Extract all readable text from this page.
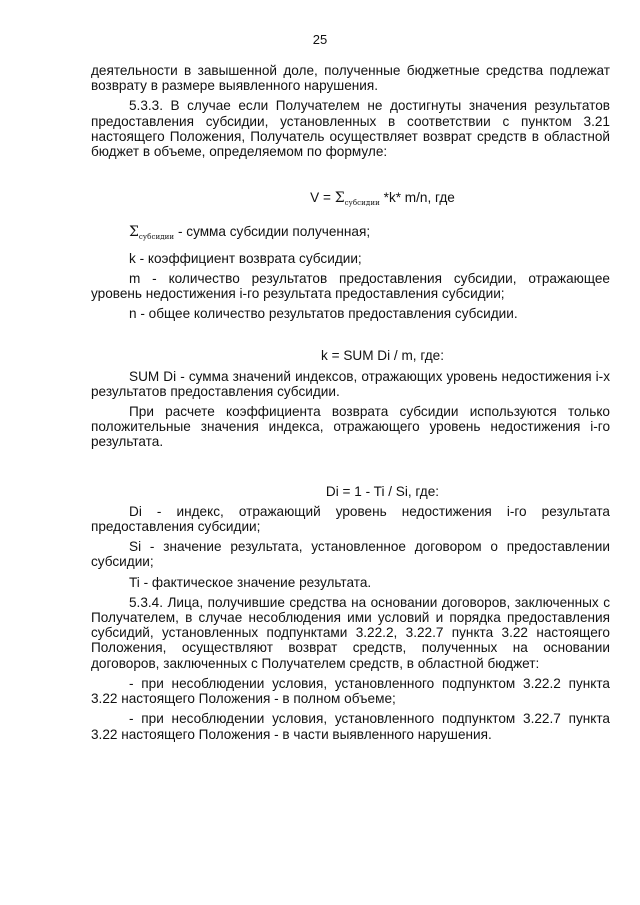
25

деятельности в завышенной доле, полученные бюджетные средства подлежат возврату в размере выявленного нарушения.

5.3.3. В случае если Получателем не достигнуты значения результатов предоставления субсидии, установленных в соответствии с пунктом 3.21 настоящего Положения, Получатель осуществляет возврат средств в областной бюджет в объеме, определяемом по формуле:

$V = \Sigma_{субсидии}$ *k* m/n, где

$\Sigma_{субсидии}$ - сумма субсидии полученная;

k - коэффициент возврата субсидии;

m - количество результатов предоставления субсидии, отражающее уровень недостижения i-го результата предоставления субсидии;

n - общее количество результатов предоставления субсидии.

k = SUM Di / m, где:

SUM Di - сумма значений индексов, отражающих уровень недостижения i-х результатов предоставления субсидии.

При расчете коэффициента возврата субсидии используются только положительные значения индекса, отражающего уровень недостижения i-го результата.

Di = 1 - Ti / Si, где:

Di - индекс, отражающий уровень недостижения i-го результата предоставления субсидии;

Si - значение результата, установленное договором о предоставлении субсидии;

Ti - фактическое значение результата.

5.3.4. Лица, получившие средства на основании договоров, заключенных с Получателем, в случае несоблюдения ими условий и порядка предоставления субсидий, установленных подпунктами 3.22.2, 3.22.7 пункта 3.22 настоящего Положения, осуществляют возврат средств, полученных на основании договоров, заключенных с Получателем средств, в областной бюджет:

- при несоблюдении условия, установленного подпунктом 3.22.2 пункта 3.22 настоящего Положения - в полном объеме;

- при несоблюдении условия, установленного подпунктом 3.22.7 пункта 3.22 настоящего Положения - в части выявленного нарушения.
